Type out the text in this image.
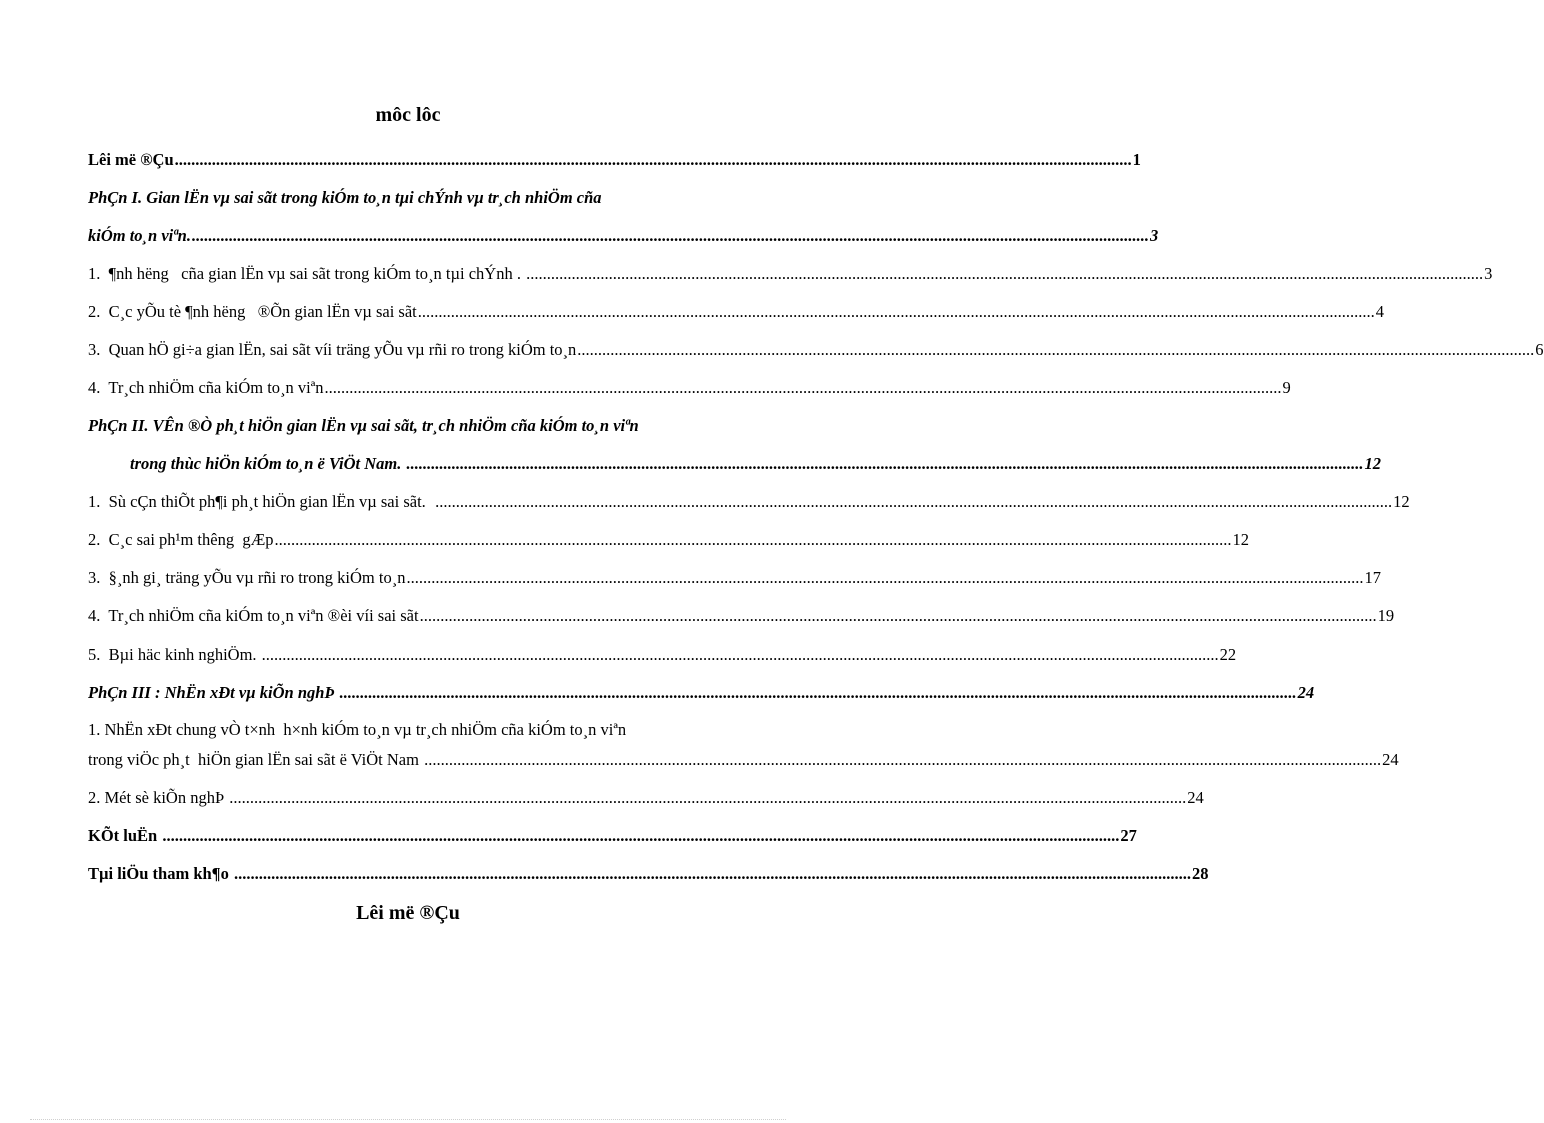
môc lôc
Lêi më ®Çu ........................................................................................................................................................................................................................................ 1
PhÇn I. Gian lËn vµ sai sãt trong kiÓm to¸n tµi chÝnh vµ tr¸ch nhiÖm cña
kiÓm to¸n viªn. ........................................................................................................................................................................................................................................ 3
1.  ¶nh hëng   cña gian lËn vµ sai sãt trong kiÓm to¸n tµi chÝnh . ........................................................................................................................................................................................................................................ 3
2.  C¸c yÕu tè ¶nh hëng   ®Õn gian lËn vµ sai sãt ........................................................................................................................................................................................................................................ 4
3.  Quan hÖ gi÷a gian lËn, sai sãt víi träng yÕu vµ rñi ro trong kiÓm to¸n ........................................................................................................................................................................................................................................ 6
4.  Tr¸ch nhiÖm cña kiÓm to¸n viªn ........................................................................................................................................................................................................................................ 9
PhÇn II. VÊn ®Ò ph¸t hiÖn gian lËn vµ sai sãt, tr¸ch nhiÖm cña kiÓm to¸n viªn
trong thùc hiÖn kiÓm to¸n ë ViÖt Nam. ........................................................................................................................................................................................................................................ 12
1.  Sù cÇn thiÕt ph¶i ph¸t hiÖn gian lËn vµ sai sãt. ........................................................................................................................................................................................................................................ 12
2.  C¸c sai ph¹m thêng  gÆp ........................................................................................................................................................................................................................................ 12
3.  §¸nh gi¸ träng yÕu vµ rñi ro trong kiÓm to¸n ........................................................................................................................................................................................................................................ 17
4.  Tr¸ch nhiÖm cña kiÓm to¸n viªn ®èi víi sai sãt ........................................................................................................................................................................................................................................ 19
5.  Bµi häc kinh nghiÖm. ........................................................................................................................................................................................................................................ 22
PhÇn III : NhËn xÐt vµ kiÕn nghÞ ........................................................................................................................................................................................................................................ 24
1. NhËn xÐt chung vÒ t×nh  h×nh kiÓm to¸n vµ tr¸ch nhiÖm cña kiÓm to¸n viªn
trong viÖc ph¸t  hiÖn gian lËn sai sãt ë ViÖt Nam ........................................................................................................................................................................................................................................ 24
2. Mét sè kiÕn nghÞ ........................................................................................................................................................................................................................................ 24
KÕt luËn ........................................................................................................................................................................................................................................ 27
Tµi liÖu tham kh¶o ........................................................................................................................................................................................................................................ 28
Lêi më ®Çu
